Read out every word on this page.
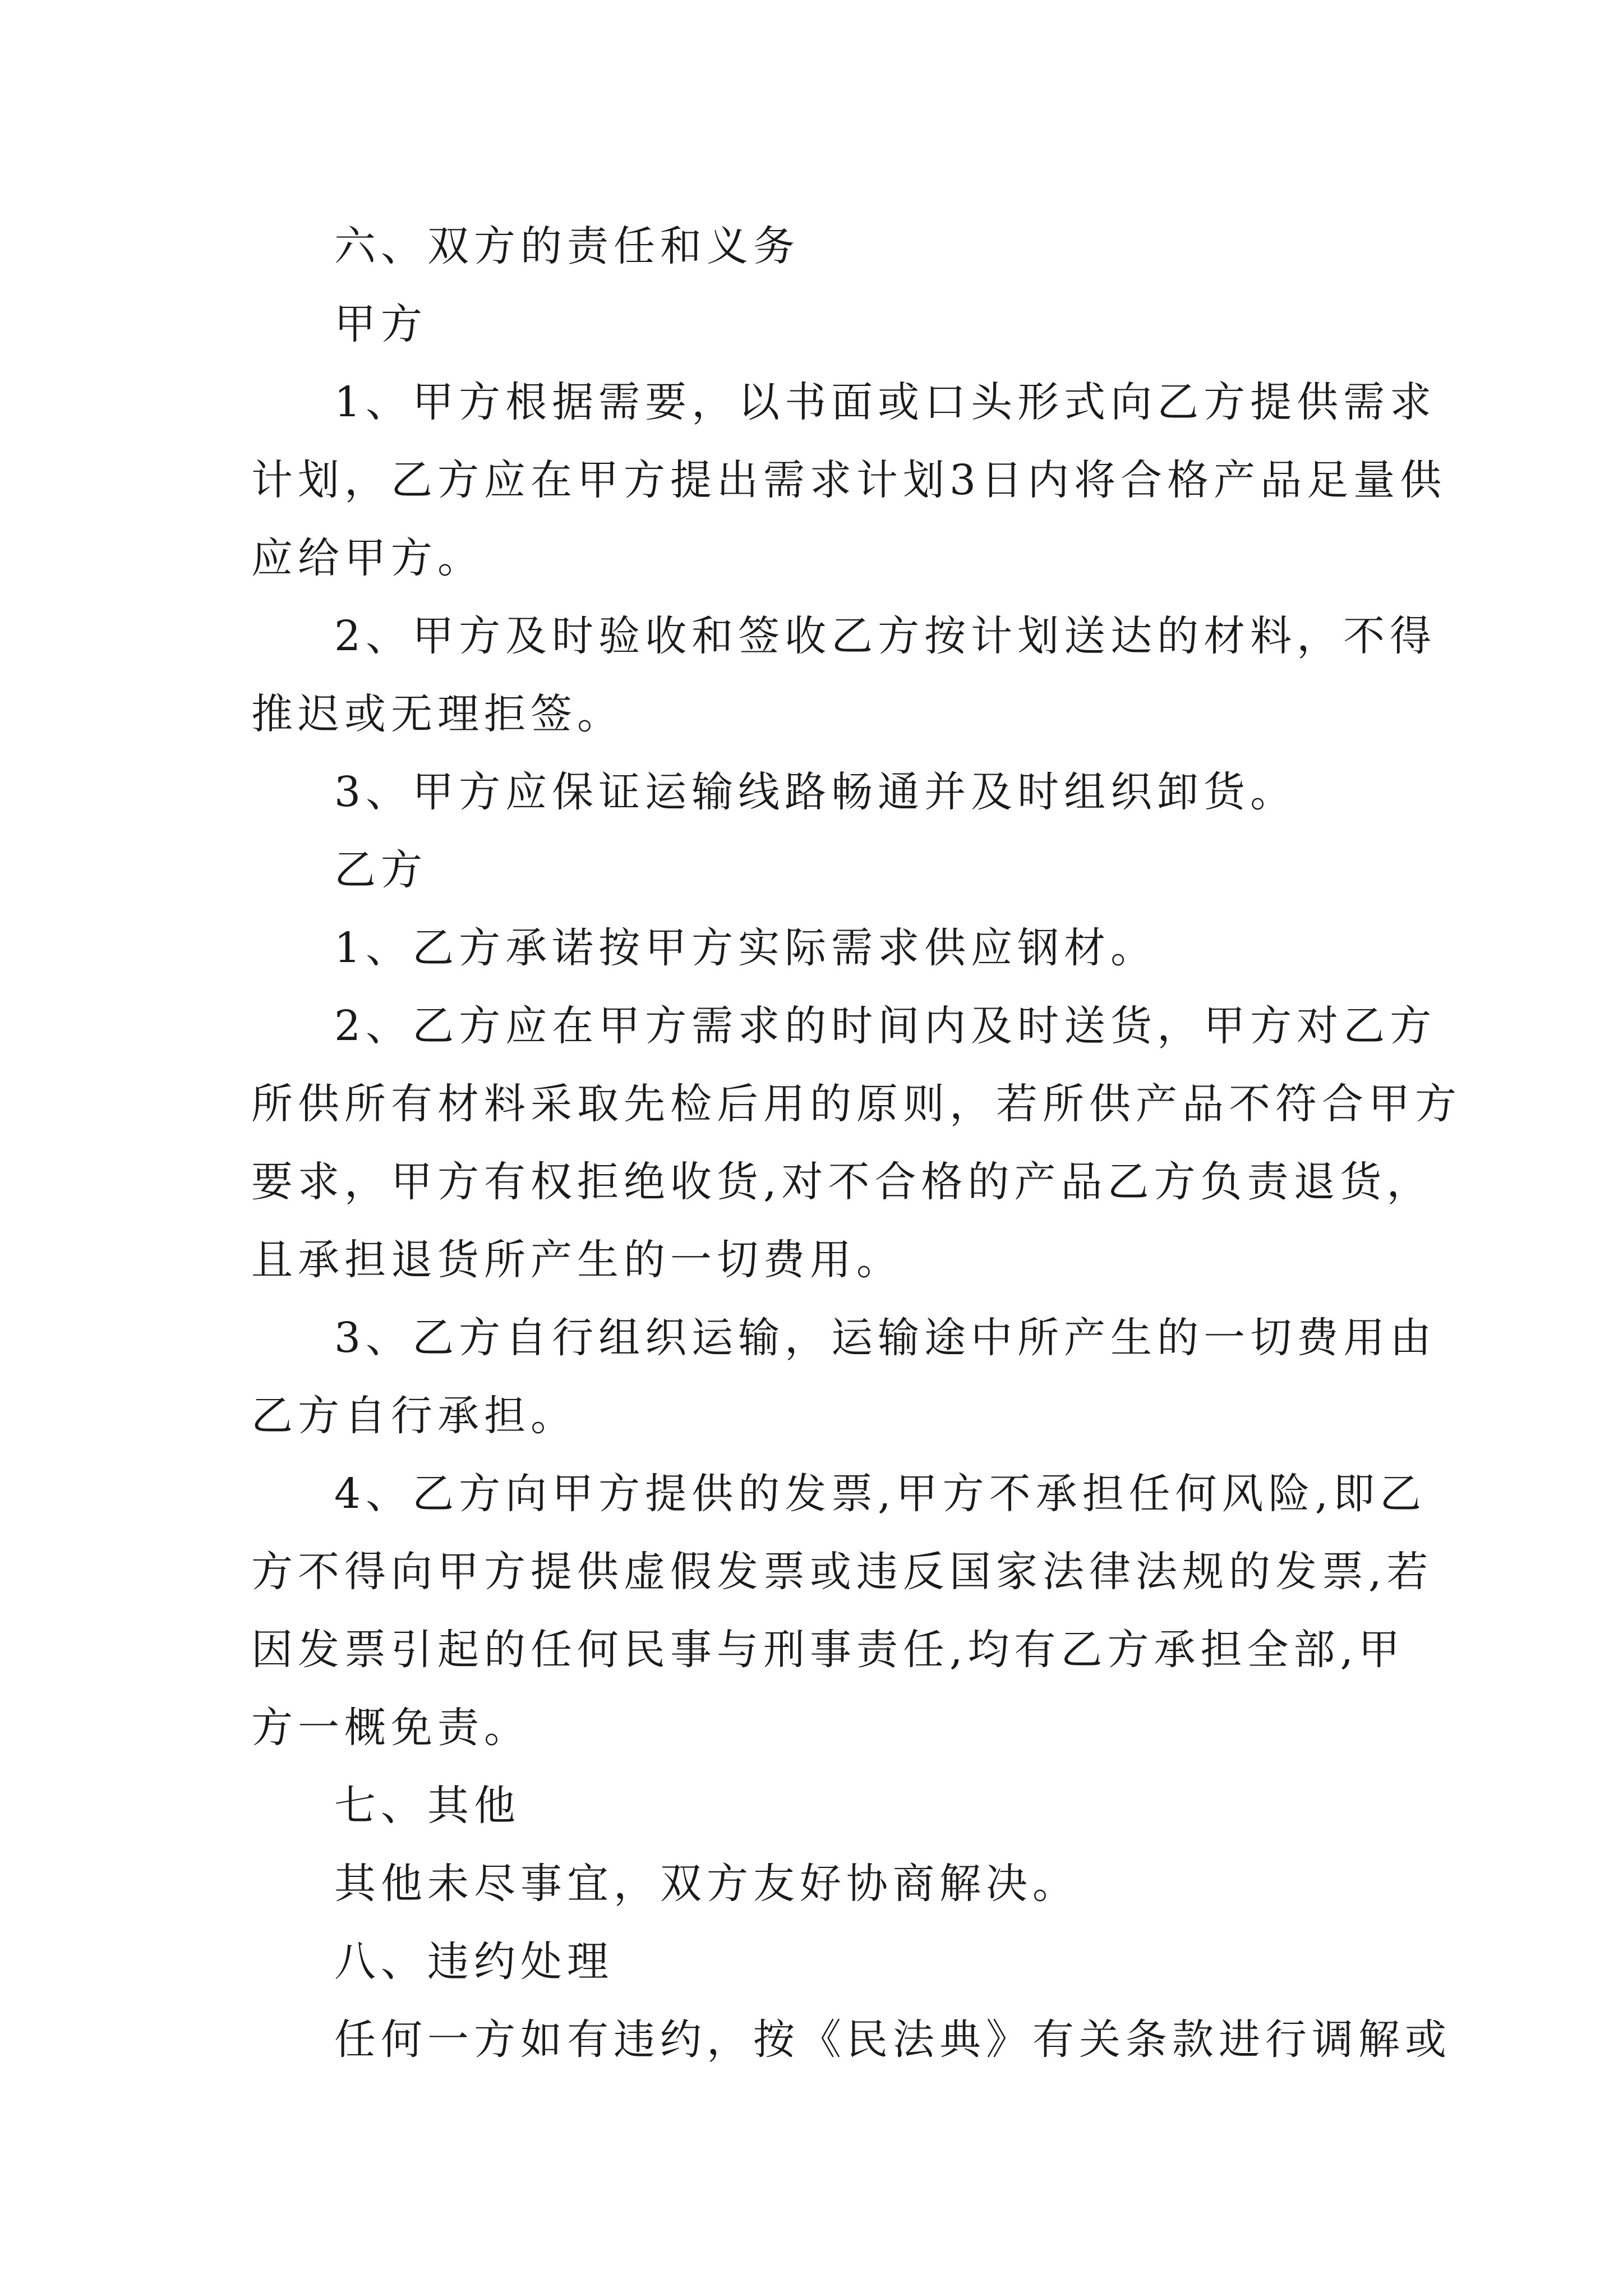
六、双方的责任和义务

甲方

1、甲方根据需要，以书面或口头形式向乙方提供需求

计划，乙方应在甲方提出需求计划3日内将合格产品足量供

应给甲方。

2、甲方及时验收和签收乙方按计划送达的材料，不得

推迟或无理拒签。

3、甲方应保证运输线路畅通并及时组织卸货。

乙方

1、乙方承诺按甲方实际需求供应钢材。

2、乙方应在甲方需求的时间内及时送货，甲方对乙方

所供所有材料采取先检后用的原则，若所供产品不符合甲方

要求，甲方有权拒绝收货,对不合格的产品乙方负责退货，

且承担退货所产生的一切费用。

3、乙方自行组织运输，运输途中所产生的一切费用由

乙方自行承担。

4、乙方向甲方提供的发票,甲方不承担任何风险,即乙

方不得向甲方提供虚假发票或违反国家法律法规的发票,若

因发票引起的任何民事与刑事责任,均有乙方承担全部,甲

方一概免责。

七、其他

其他未尽事宜，双方友好协商解决。

八、违约处理

任何一方如有违约，按《民法典》有关条款进行调解或
